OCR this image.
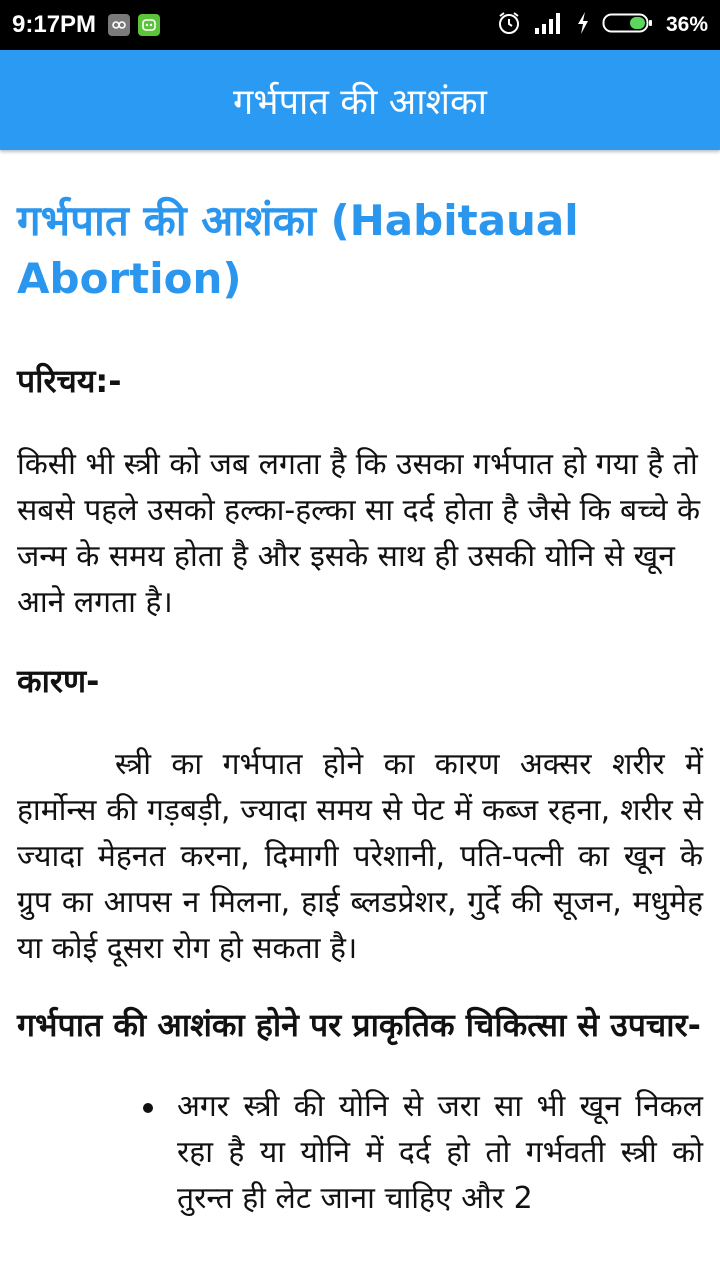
9:17PM	36%
गर्भपात की आशंका
गर्भपात की आशंका (Habitaual Abortion)
परिचय:-

किसी भी स्त्री को जब लगता है कि उसका गर्भपात हो गया है तो सबसे पहले उसको हल्का-हल्का सा दर्द होता है जैसे कि बच्चे के जन्म के समय होता है और इसके साथ ही उसकी योनि से खून आने लगता है।

कारण-

स्त्री का गर्भपात होने का कारण अक्सर शरीर में हार्मोन्स की गड़बड़ी, ज्यादा समय से पेट में कब्ज रहना, शरीर से ज्यादा मेहनत करना, दिमागी परेशानी, पति-पत्नी का खून के ग्रुप का आपस न मिलना, हाई ब्लडप्रेशर, गुर्दे की सूजन, मधुमेह या कोई दूसरा रोग हो सकता है।

गर्भपात की आशंका होने पर प्राकृतिक चिकित्सा से उपचार-
अगर स्त्री की योनि से जरा सा भी खून निकल रहा है या योनि में दर्द हो तो गर्भवती स्त्री को तुरन्त ही लेट जाना चाहिए और 2
